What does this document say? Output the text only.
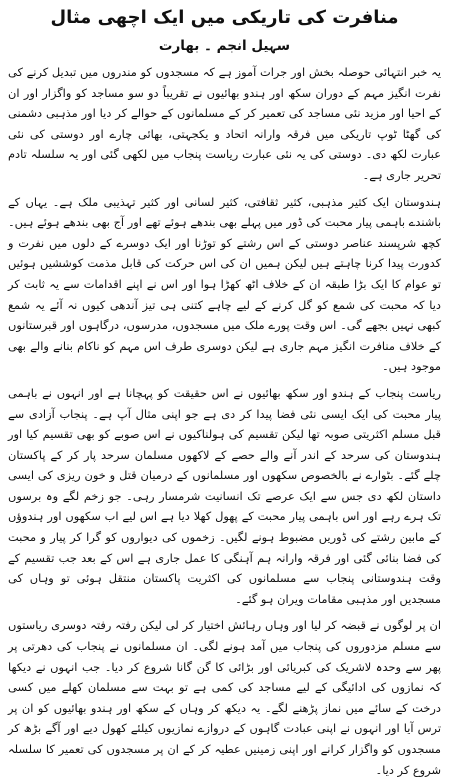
منافرت کی تاریکی میں ایک اچھی مثال
سہیل انجم ۔ بھارت

یہ خبر انتہائی حوصلہ بخش اور جرات آموز ہے کہ مسجدوں کو مندروں میں تبدیل کرنے کی نفرت انگیز مہم کے دوران سکھ اور ہندو بھائیوں نے تقریباً دو سو مساجد کو واگزار اور ان کے احیا اور مزید نئی مساجد کی تعمیر کر کے مسلمانوں کے حوالے کر دیا اور مذہبی دشمنی کی گھٹا ٹوپ تاریکی میں فرقہ وارانہ اتحاد و یکجہتی، بھائی چارے اور دوستی کی نئی عبارت لکھ دی۔ دوستی کی یہ نئی عبارت ریاست پنجاب میں لکھی گئی اور یہ سلسلہ تادم تحریر جاری ہے۔

ہندوستان ایک کثیر مذہبی، کثیر ثقافتی، کثیر لسانی اور کثیر تہذیبی ملک ہے۔ یہاں کے باشندے باہمی پیار محبت کی ڈور میں پہلے بھی بندھے ہوئے تھے اور آج بھی بندھے ہوئے ہیں۔ کچھ شرپسند عناصر دوستی کے اس رشتے کو توڑنا اور ایک دوسرے کے دلوں میں نفرت و کدورت پیدا کرنا چاہتے ہیں لیکن ہمیں ان کی اس حرکت کی قابل مذمت کوششیں ہوئیں تو عوام کا ایک بڑا طبقہ ان کے خلاف اٹھ کھڑا ہوا اور اس نے اپنے اقدامات سے یہ ثابت کر دیا کہ محبت کی شمع کو گل کرنے کے لیے چاہے کتنی ہی تیز آندھی کیوں نہ آئے یہ شمع کبھی نہیں بجھے گی۔ اس وقت پورے ملک میں مسجدوں، مدرسوں، درگاہوں اور قبرستانوں کے خلاف منافرت انگیز مہم جاری ہے لیکن دوسری طرف اس مہم کو ناکام بنانے والے بھی موجود ہیں۔

ریاست پنجاب کے ہندو اور سکھ بھائیوں نے اس حقیقت کو پہچانا ہے اور انہوں نے باہمی پیار محبت کی ایک ایسی نئی فضا پیدا کر دی ہے جو اپنی مثال آپ ہے۔ پنجاب آزادی سے قبل مسلم اکثریتی صوبہ تھا لیکن تقسیم کی ہولناکیوں نے اس صوبے کو بھی تقسیم کیا اور ہندوستان کی سرحد کے اندر آنے والے حصے کے لاکھوں مسلمان سرحد پار کر کے پاکستان چلے گئے۔ بٹوارے نے بالخصوص سکھوں اور مسلمانوں کے درمیان قتل و خون ریزی کی ایسی داستان لکھ دی جس سے ایک عرصے تک انسانیت شرمسار رہی۔ جو زخم لگے وہ برسوں تک ہرے رہے اور اس باہمی پیار محبت کے پھول کھلا دیا ہے اس لیے اب سکھوں اور ہندوؤں کے مابین رشتے کی ڈوریں مضبوط ہونے لگیں۔ زخموں کی دیواروں کو گرا کر پیار و محبت کی فضا بنائی گئی اور فرقہ وارانہ ہم آہنگی کا عمل جاری ہے اس کے بعد جب تقسیم کے وقت ہندوستانی پنجاب سے مسلمانوں کی اکثریت پاکستان منتقل ہوئی تو وہاں کی مسجدیں اور مذہبی مقامات ویران ہو گئے۔

ان پر لوگوں نے قبضہ کر لیا اور وہاں رہائش اختیار کر لی لیکن رفتہ رفتہ دوسری ریاستوں سے مسلم مزدوروں کی پنجاب میں آمد ہونے لگی۔ ان مسلمانوں نے پنجاب کی دھرتی پر پھر سے وحدہ لاشریک کی کبریائی اور بڑائی کا گن گانا شروع کر دیا۔ جب انہوں نے دیکھا کہ نمازوں کی ادائیگی کے لیے مساجد کی کمی ہے تو بہت سے مسلمان کھلے میں کسی درخت کے سائے میں نماز پڑھنے لگے۔ یہ دیکھ کر وہاں کے سکھ اور ہندو بھائیوں کو ان پر ترس آیا اور انہوں نے اپنی عبادت گاہوں کے دروازے نمازیوں کیلئے کھول دیے اور آگے بڑھ کر مسجدوں کو واگزار کرانے اور اپنی زمینیں عطیہ کر کے ان پر مسجدوں کی تعمیر کا سلسلہ شروع کر دیا۔
